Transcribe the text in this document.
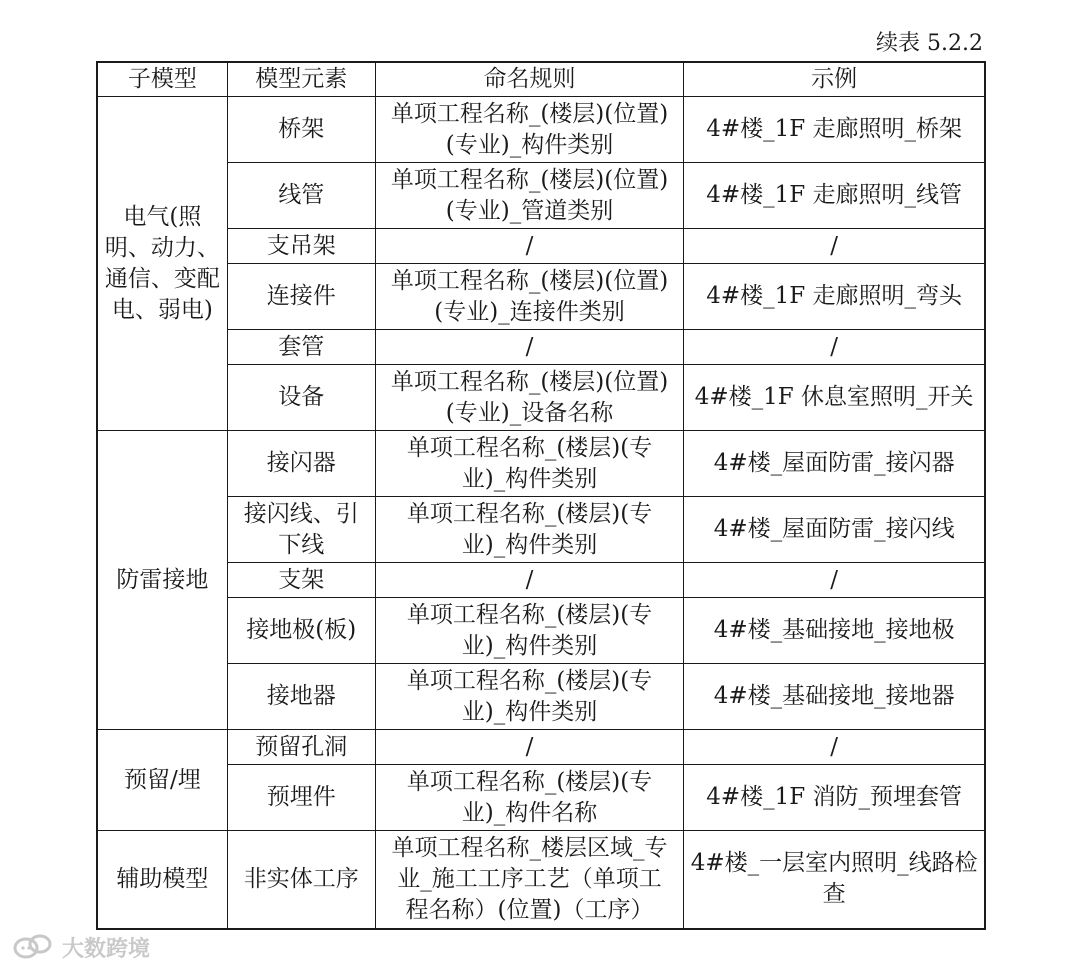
续表 5.2.2
子模型	模型元素	命名规则	示例
电气(照明、动力、通信、变配电、弱电)	桥架	单项工程名称_(楼层)(位置)(专业)_构件类别	4#楼_1F 走廊照明_桥架
	线管	单项工程名称_(楼层)(位置)(专业)_管道类别	4#楼_1F 走廊照明_线管
	支吊架	/	/
	连接件	单项工程名称_(楼层)(位置)(专业)_连接件类别	4#楼_1F 走廊照明_弯头
	套管	/	/
	设备	单项工程名称_(楼层)(位置)(专业)_设备名称	4#楼_1F 休息室照明_开关
防雷接地	接闪器	单项工程名称_(楼层)(专业)_构件类别	4#楼_屋面防雷_接闪器
	接闪线、引下线	单项工程名称_(楼层)(专业)_构件类别	4#楼_屋面防雷_接闪线
	支架	/	/
	接地极(板)	单项工程名称_(楼层)(专业)_构件类别	4#楼_基础接地_接地极
	接地器	单项工程名称_(楼层)(专业)_构件类别	4#楼_基础接地_接地器
预留/埋	预留孔洞	/	/
	预埋件	单项工程名称_(楼层)(专业)_构件名称	4#楼_1F 消防_预埋套管
辅助模型	非实体工序	单项工程名称_楼层区域_专业_施工工序工艺（单项工程名称）(位置)（工序）	4#楼_一层室内照明_线路检查
大数跨境
